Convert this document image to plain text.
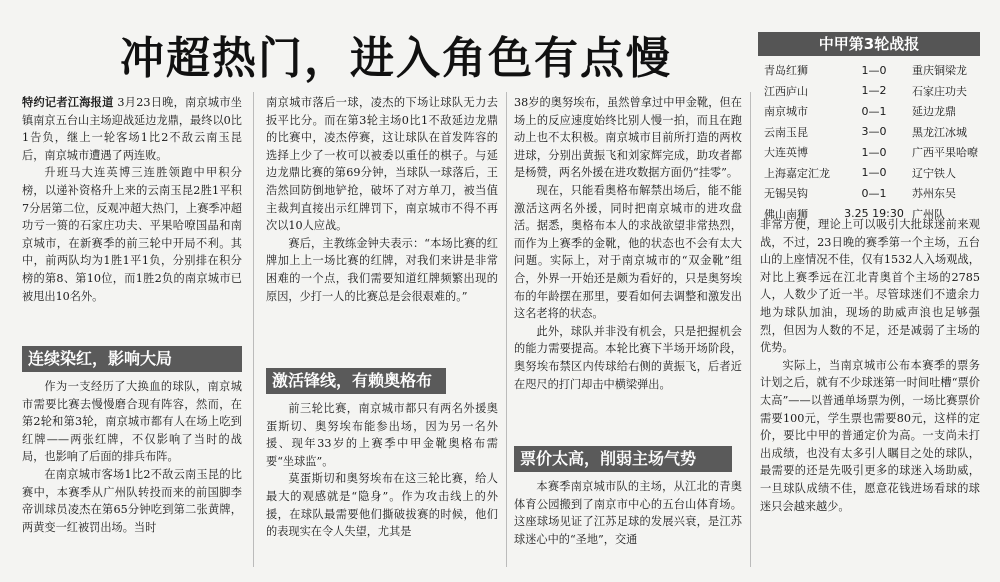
冲超热门，进入角色有点慢

特约记者江海报道 3月23日晚，南京城市坐镇南京五台山主场迎战延边龙鼎，最终以0比1告负，继上一轮客场1比2不敌云南玉昆后，南京城市遭遇了两连败。

升班马大连英博三连胜领跑中甲积分榜，以递补资格升上来的云南玉昆2胜1平积7分居第二位，反观冲超大热门，上赛季冲超功亏一篑的石家庄功夫、平果哈嘹国晶和南京城市，在新赛季的前三轮中开局不利。其中，前两队均为1胜1平1负，分别排在积分榜的第8、第10位，而1胜2负的南京城市已被甩出10名外。

连续染红，影响大局

作为一支经历了大换血的球队，南京城市需要比赛去慢慢磨合现有阵容，然而，在第2轮和第3轮，南京城市都有人在场上吃到红牌——两张红牌，不仅影响了当时的战局，也影响了后面的排兵布阵。

在南京城市客场1比2不敌云南玉昆的比赛中，本赛季从广州队转投而来的前国脚李帝训球员凌杰在第65分钟吃到第二张黄牌，两黄变一红被罚出场。当时

南京城市落后一球，凌杰的下场让球队无力去扳平比分。而在第3轮主场0比1不敌延边龙鼎的比赛中，凌杰停赛，这让球队在首发阵容的选择上少了一枚可以被委以重任的棋子。与延边龙鼎比赛的第69分钟，当球队一球落后，王浩然回防倒地铲抢，破坏了对方单刀，被当值主裁判直接出示红牌罚下，南京城市不得不再次以10人应战。

赛后，主教练金钟夫表示：“本场比赛的红牌加上上一场比赛的红牌，对我们来讲是非常困难的一个点，我们需要知道红牌频繁出现的原因，少打一人的比赛总是会很艰难的。”

激活锋线，有赖奥格布

前三轮比赛，南京城市都只有两名外援奥蛋斯切、奥努埃布能参出场，因为另一名外援、现年33岁的上赛季中甲金靴奥格布需要“坐球监”。

莫蛋斯切和奥努埃布在这三轮比赛，给人最大的观感就是“隐身”。作为攻击线上的外援，在球队最需要他们撕破拔赛的时候，他们的表现实在令人失望，尤其是

38岁的奥努埃布，虽然曾拿过中甲金靴，但在场上的反应速度始终比别人慢一拍，而且在跑动上也不太积极。南京城市目前所打造的两枚进球，分别出黄振飞和刘家辉完成，助攻者都是杨赞，两名外援在进攻数据方面仍“挂零”。

现在，只能看奥格布解禁出场后，能不能激活这两名外援，同时把南京城市的进攻盘活。据悉，奥格布本人的求战欲望非常热烈，而作为上赛季的金靴，他的状态也不会有太大问题。实际上，对于南京城市的“双金靴”组合，外界一开始还是颇为看好的，只是奥努埃布的年龄摆在那里，要看如何去调整和激发出这名老将的状态。

此外，球队并非没有机会，只是把握机会的能力需要提高。本轮比赛下半场开场阶段，奥努埃布禁区内传球给右侧的黄振飞，后者近在咫尺的打门却击中横梁弹出。

票价太高，削弱主场气势

本赛季南京城市队的主场，从江北的青奥体育公园搬到了南京市中心的五台山体育场。这座球场见证了江苏足球的发展兴衰，是江苏球迷心中的“圣地”，交通

中甲第3轮战报
青岛红狮	1—0	重庆铜梁龙
江西庐山	1—2	石家庄功夫
南京城市	0—1	延边龙鼎
云南玉昆	3—0	黑龙江冰城
大连英博	1—0	广西平果哈嘹
上海嘉定汇龙	1—0	辽宁铁人
无锡吴钩	0—1	苏州东吴
佛山南狮	3.25 19:30	广州队

非常方便，理论上可以吸引大批球迷前来观战，不过，23日晚的赛季第一个主场，五台山的上座情况不佳，仅有1532人入场观战，对比上赛季远在江北青奥首个主场的2785人，人数少了近一半。尽管球迷们不遗余力地为球队加油，现场的助威声浪也足够强烈，但因为人数的不足，还是减弱了主场的优势。

实际上，当南京城市公布本赛季的票务计划之后，就有不少球迷第一时间吐槽“票价太高”——以普通单场票为例，一场比赛票价需要100元，学生票也需要80元，这样的定价，要比中甲的普通定价为高。一支尚未打出成绩，也没有太多引人瞩目之处的球队，最需要的还是先吸引更多的球迷入场助威，一旦球队成绩不佳，愿意花钱进场看球的球迷只会越来越少。
